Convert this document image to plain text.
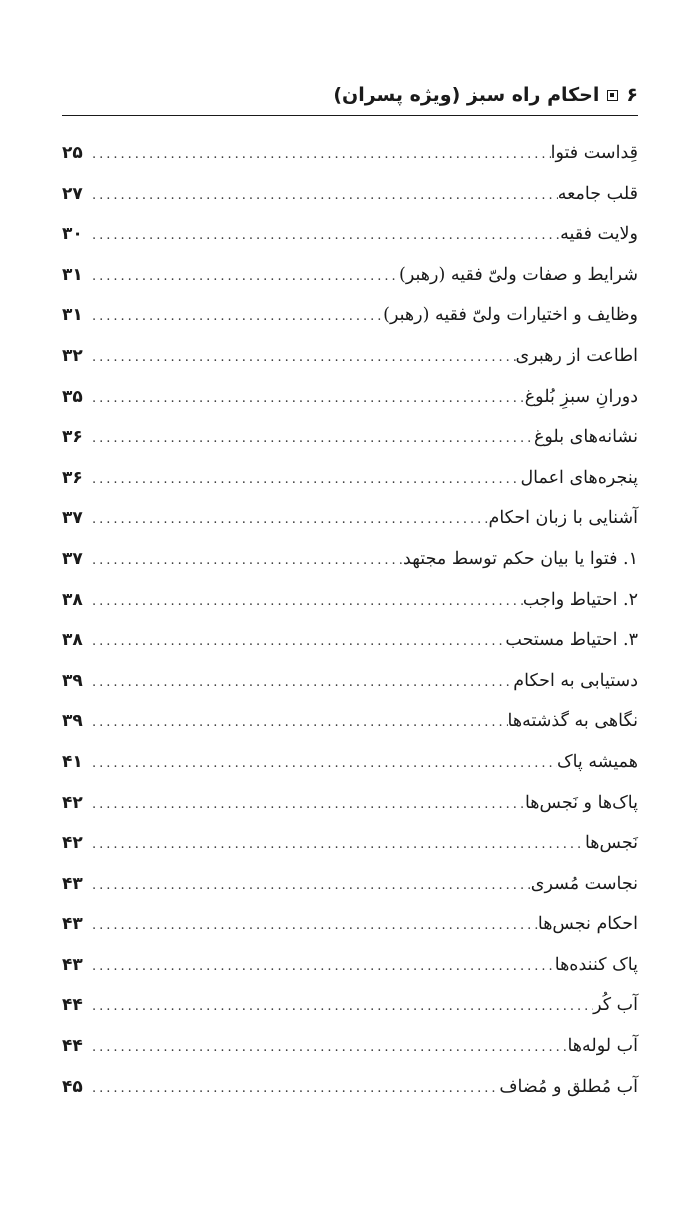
۶
احکام راه سبز (ویژه پسران)
قِداست فتوا
.....
۲۵
قلب جامعه
.....
۲۷
ولایت فقیه
.....
۳۰
شرایط و صفات ولیّ فقیه (رهبر)
.....
۳۱
وظایف و اختیارات ولیّ فقیه (رهبر)
.....
۳۱
اطاعت از رهبری
.....
۳۲
دورانِ سبزِ بُلوغ
.....
۳۵
نشانه‌های بلوغ
.....
۳۶
پنجره‌های اعمال
.....
۳۶
آشنایی با زبان احکام
.....
۳۷
۱. فتوا یا بیان حکم توسط مجتهد
.....
۳۷
۲. احتیاط واجب
.....
۳۸
۳. احتیاط مستحب
.....
۳۸
دستیابی به احکام
.....
۳۹
نگاهی به گذشته‌ها
.....
۳۹
همیشه پاک
.....
۴۱
پاک‌ها و نَجس‌ها
.....
۴۲
نَجس‌ها
.....
۴۲
نجاست مُسری
.....
۴۳
احکام نجس‌ها
.....
۴۳
پاک کننده‌ها
.....
۴۳
آب کُر
.....
۴۴
آب لوله‌ها
.....
۴۴
آب مُطلق و مُضاف
.....
۴۵
